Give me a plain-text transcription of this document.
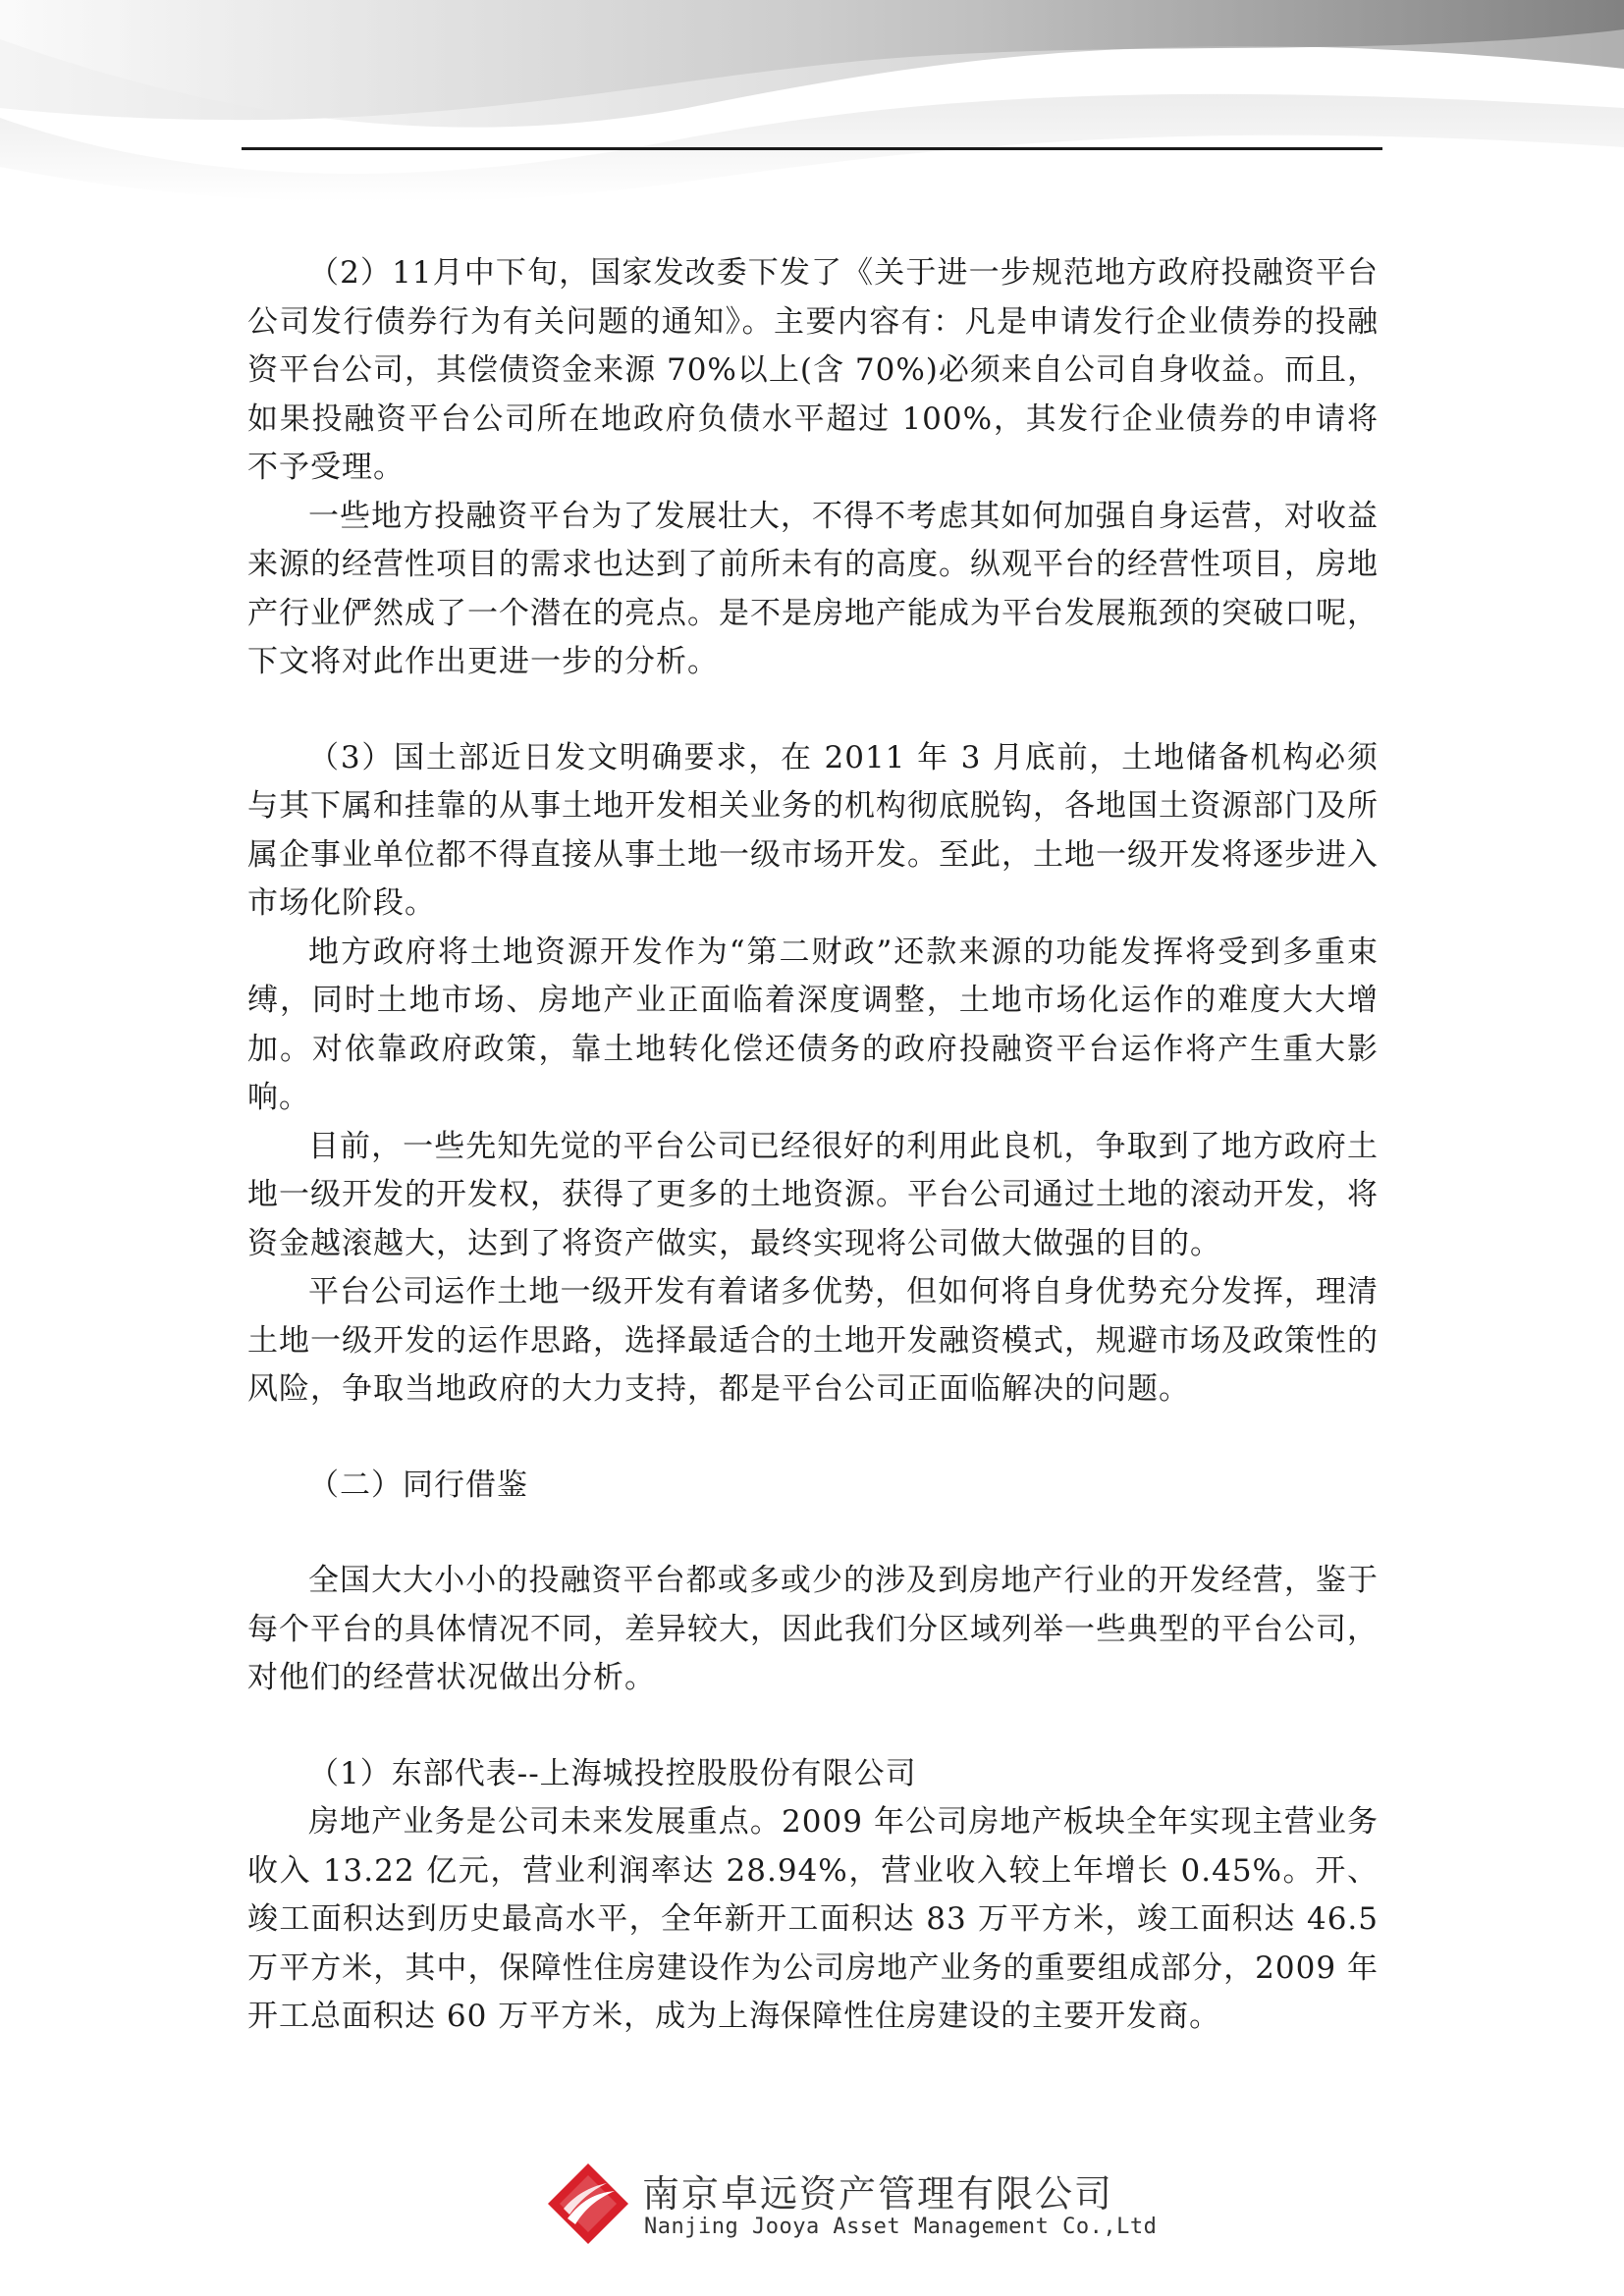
（2）11月中下旬，国家发改委下发了《关于进一步规范地方政府投融资平台公司发行债券行为有关问题的通知》。主要内容有：凡是申请发行企业债券的投融资平台公司，其偿债资金来源 70%以上(含 70%)必须来自公司自身收益。而且，如果投融资平台公司所在地政府负债水平超过 100%，其发行企业债券的申请将不予受理。

一些地方投融资平台为了发展壮大，不得不考虑其如何加强自身运营，对收益来源的经营性项目的需求也达到了前所未有的高度。纵观平台的经营性项目，房地产行业俨然成了一个潜在的亮点。是不是房地产能成为平台发展瓶颈的突破口呢，下文将对此作出更进一步的分析。

（3）国土部近日发文明确要求，在 2011 年 3 月底前，土地储备机构必须与其下属和挂靠的从事土地开发相关业务的机构彻底脱钩，各地国土资源部门及所属企事业单位都不得直接从事土地一级市场开发。至此，土地一级开发将逐步进入市场化阶段。

地方政府将土地资源开发作为“第二财政”还款来源的功能发挥将受到多重束缚，同时土地市场、房地产业正面临着深度调整，土地市场化运作的难度大大增加。对依靠政府政策，靠土地转化偿还债务的政府投融资平台运作将产生重大影响。

目前，一些先知先觉的平台公司已经很好的利用此良机，争取到了地方政府土地一级开发的开发权，获得了更多的土地资源。平台公司通过土地的滚动开发，将资金越滚越大，达到了将资产做实，最终实现将公司做大做强的目的。

平台公司运作土地一级开发有着诸多优势，但如何将自身优势充分发挥，理清土地一级开发的运作思路，选择最适合的土地开发融资模式，规避市场及政策性的风险，争取当地政府的大力支持，都是平台公司正面临解决的问题。

（二）同行借鉴

全国大大小小的投融资平台都或多或少的涉及到房地产行业的开发经营，鉴于每个平台的具体情况不同，差异较大，因此我们分区域列举一些典型的平台公司，对他们的经营状况做出分析。

（1）东部代表--上海城投控股股份有限公司

房地产业务是公司未来发展重点。2009 年公司房地产板块全年实现主营业务收入 13.22 亿元，营业利润率达 28.94%，营业收入较上年增长 0.45%。开、竣工面积达到历史最高水平，全年新开工面积达 83 万平方米，竣工面积达 46.5 万平方米，其中，保障性住房建设作为公司房地产业务的重要组成部分，2009 年开工总面积达 60 万平方米，成为上海保障性住房建设的主要开发商。

南京卓远资产管理有限公司
Nanjing Jooya Asset Management Co.,Ltd
